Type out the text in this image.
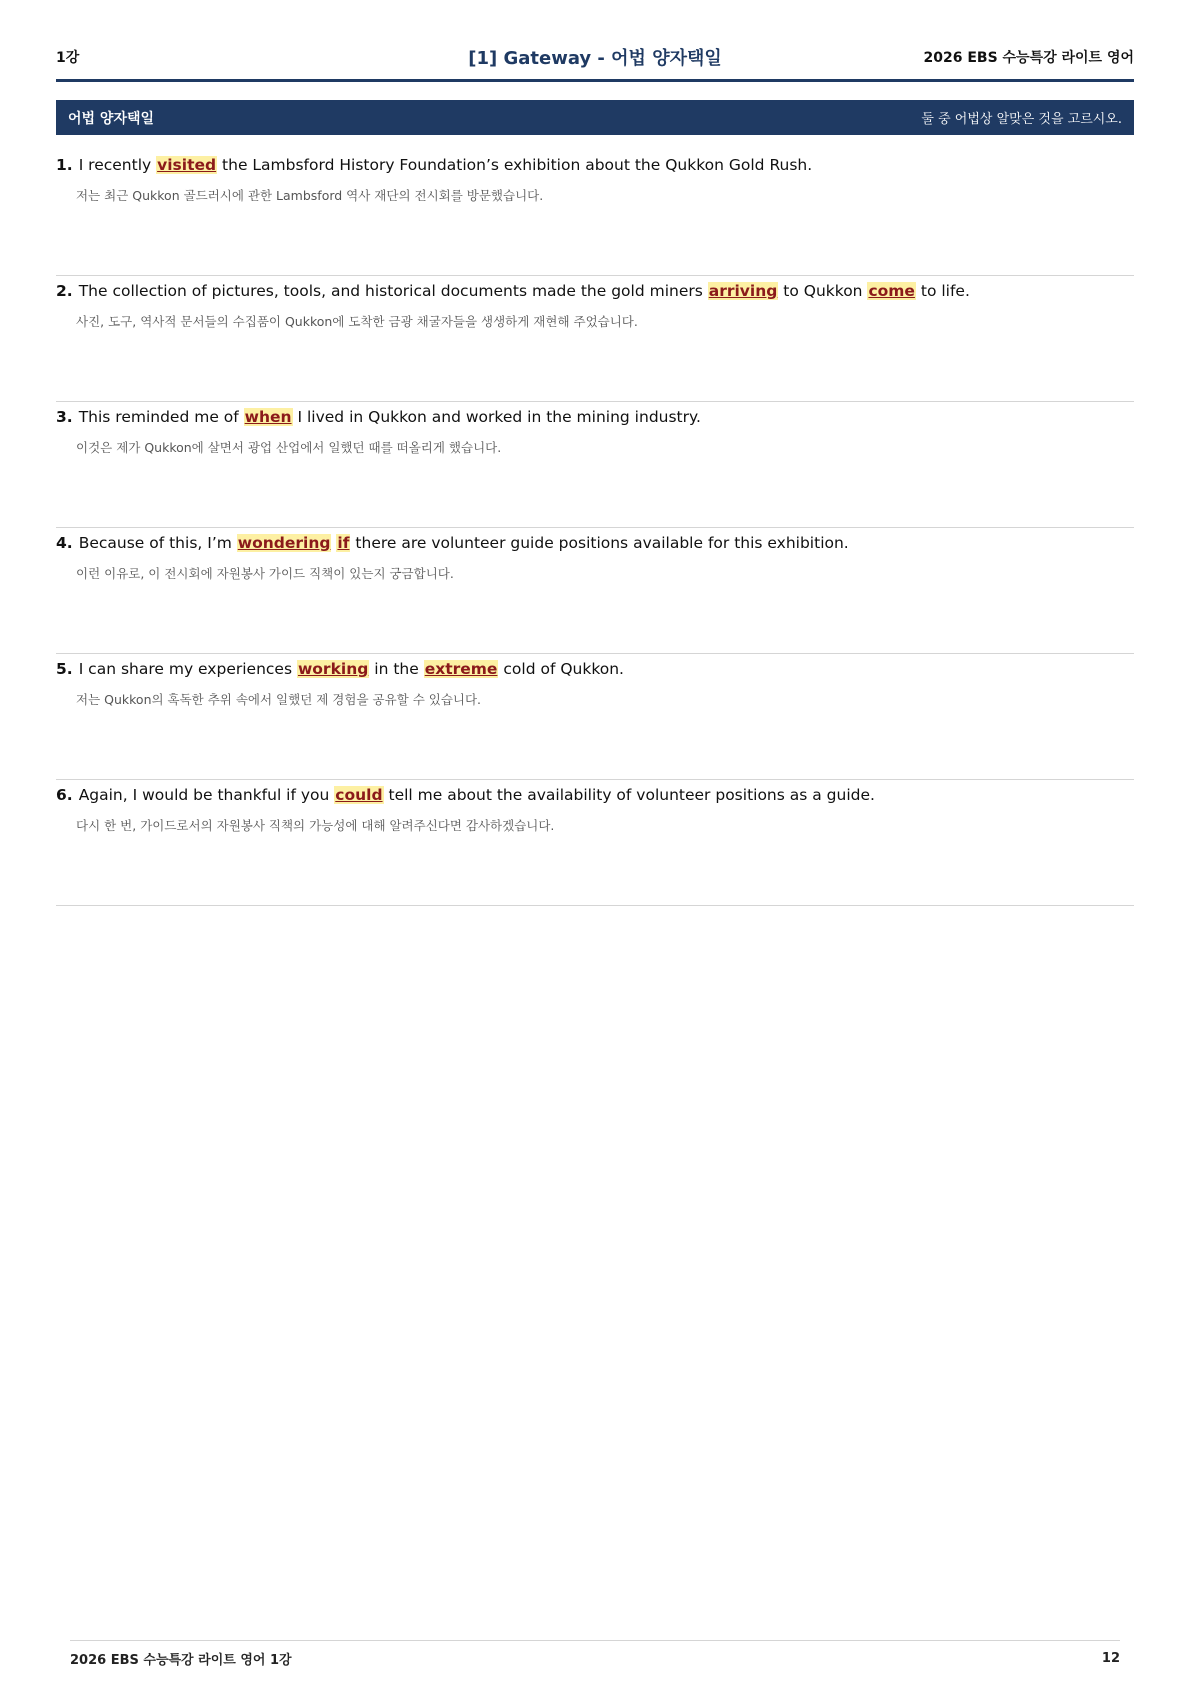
1강	[1] Gateway - 어법 양자택일	2026 EBS 수능특강 라이트 영어
어법 양자택일	둘 중 어법상 알맞은 것을 고르시오.
1. I recently visited the Lambsford History Foundation’s exhibition about the Qukkon Gold Rush.
저는 최근 Qukkon 골드러시에 관한 Lambsford 역사 재단의 전시회를 방문했습니다.
2. The collection of pictures, tools, and historical documents made the gold miners arriving to Qukkon come to life.
사진, 도구, 역사적 문서들의 수집품이 Qukkon에 도착한 금광 채굴자들을 생생하게 재현해 주었습니다.
3. This reminded me of when I lived in Qukkon and worked in the mining industry.
이것은 제가 Qukkon에 살면서 광업 산업에서 일했던 때를 떠올리게 했습니다.
4. Because of this, I’m wondering if there are volunteer guide positions available for this exhibition.
이런 이유로, 이 전시회에 자원봉사 가이드 직책이 있는지 궁금합니다.
5. I can share my experiences working in the extreme cold of Qukkon.
저는 Qukkon의 혹독한 추위 속에서 일했던 제 경험을 공유할 수 있습니다.
6. Again, I would be thankful if you could tell me about the availability of volunteer positions as a guide.
다시 한 번, 가이드로서의 자원봉사 직책의 가능성에 대해 알려주신다면 감사하겠습니다.
2026 EBS 수능특강 라이트 영어 1강	12
